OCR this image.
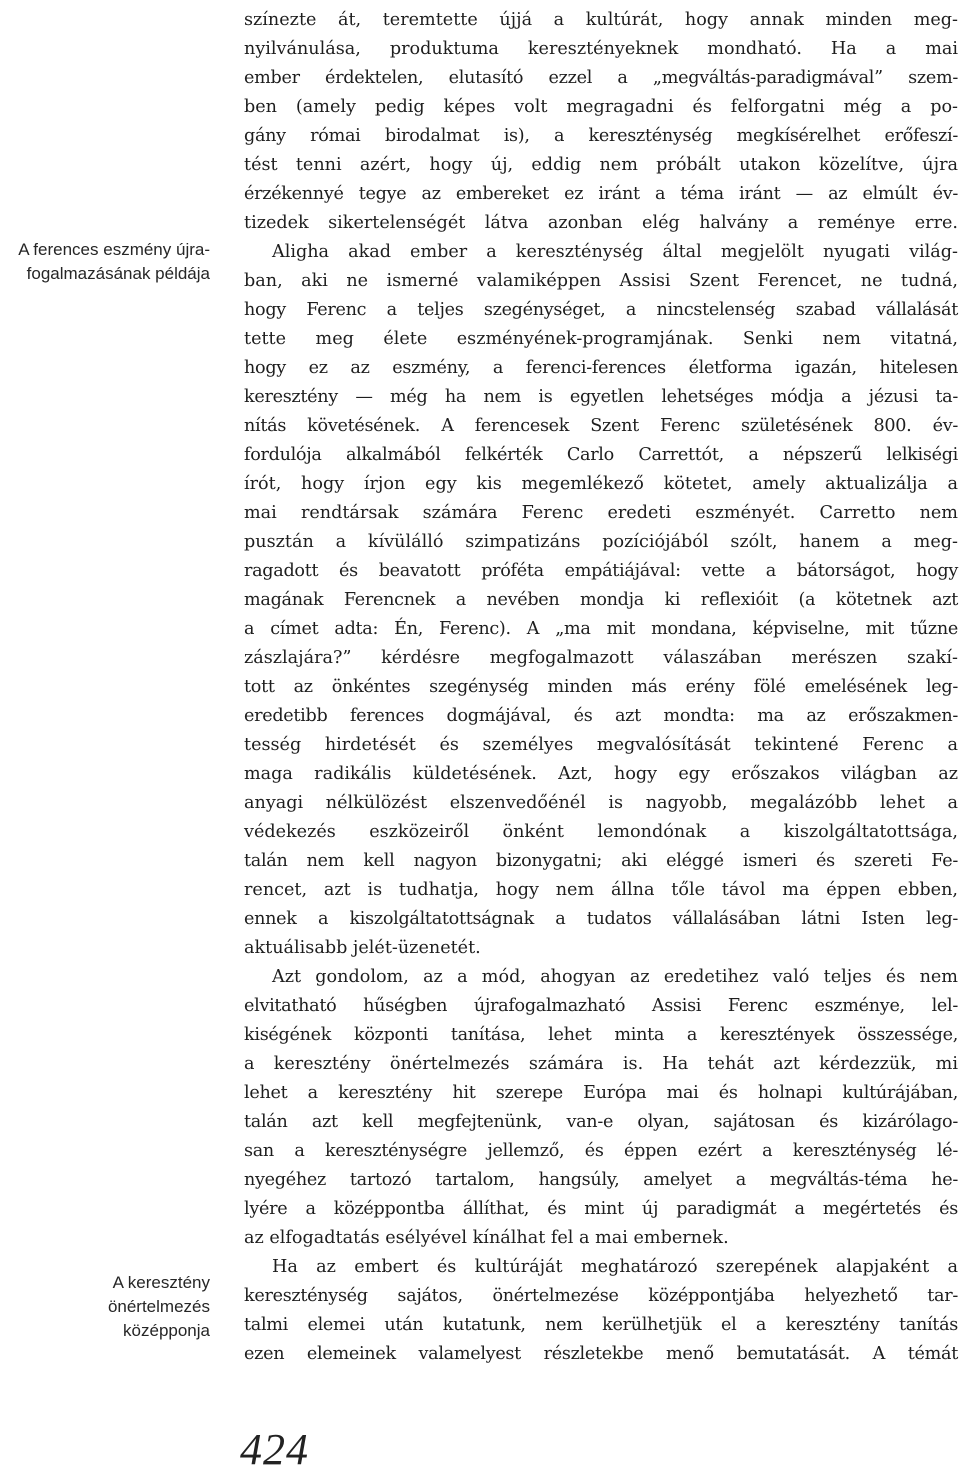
A ferences eszmény újra-
fogalmazásának példája
A keresztény
önértelmezés
középponja
színezte át, teremtette újjá a kultúrát, hogy annak minden meg-
nyilvánulása, produktuma keresztényeknek mondható. Ha a mai
ember érdektelen, elutasító ezzel a „megváltás-paradigmával” szem-
ben (amely pedig képes volt megragadni és felforgatni még a po-
gány római birodalmat is), a kereszténység megkísérelhet erőfeszí-
tést tenni azért, hogy új, eddig nem próbált utakon közelítve, újra
érzékennyé tegye az embereket ez iránt a téma iránt — az elmúlt év-
tizedek sikertelenségét látva azonban elég halvány a reménye erre.
Aligha akad ember a kereszténység által megjelölt nyugati világ-
ban, aki ne ismerné valamiképpen Assisi Szent Ferencet, ne tudná,
hogy Ferenc a teljes szegénységet, a nincstelenség szabad vállalását
tette meg élete eszményének-programjának. Senki nem vitatná,
hogy ez az eszmény, a ferenci-ferences életforma igazán, hitelesen
keresztény — még ha nem is egyetlen lehetséges módja a jézusi ta-
nítás követésének. A ferencesek Szent Ferenc születésének 800. év-
fordulója alkalmából felkérték Carlo Carrettót, a népszerű lelkiségi
írót, hogy írjon egy kis megemlékező kötetet, amely aktualizálja a
mai rendtársak számára Ferenc eredeti eszményét. Carretto nem
pusztán a kívülálló szimpatizáns pozíciójából szólt, hanem a meg-
ragadott és beavatott próféta empátiájával: vette a bátorságot, hogy
magának Ferencnek a nevében mondja ki reflexióit (a kötetnek azt
a címet adta: Én, Ferenc). A „ma mit mondana, képviselne, mit tűzne
zászlajára?” kérdésre megfogalmazott válaszában merészen szakí-
tott az önkéntes szegénység minden más erény fölé emelésének leg-
eredetibb ferences dogmájával, és azt mondta: ma az erőszakmen-
tesség hirdetését és személyes megvalósítását tekintené Ferenc a
maga radikális küldetésének. Azt, hogy egy erőszakos világban az
anyagi nélkülözést elszenvedőénél is nagyobb, megalázóbb lehet a
védekezés eszközeiről önként lemondónak a kiszolgáltatottsága,
talán nem kell nagyon bizonygatni; aki eléggé ismeri és szereti Fe-
rencet, azt is tudhatja, hogy nem állna tőle távol ma éppen ebben,
ennek a kiszolgáltatottságnak a tudatos vállalásában látni Isten leg-
aktuálisabb jelét-üzenetét.
Azt gondolom, az a mód, ahogyan az eredetihez való teljes és nem
elvitatható hűségben újrafogalmazható Assisi Ferenc eszménye, lel-
kiségének központi tanítása, lehet minta a keresztények összessége,
a keresztény önértelmezés számára is. Ha tehát azt kérdezzük, mi
lehet a keresztény hit szerepe Európa mai és holnapi kultúrájában,
talán azt kell megfejtenünk, van-e olyan, sajátosan és kizárólago-
san a kereszténységre jellemző, és éppen ezért a kereszténység lé-
nyegéhez tartozó tartalom, hangsúly, amelyet a megváltás-téma he-
lyére a középpontba állíthat, és mint új paradigmát a megértetés és
az elfogadtatás esélyével kínálhat fel a mai embernek.
Ha az embert és kultúráját meghatározó szerepének alapjaként a
kereszténység sajátos, önértelmezése középpontjába helyezhető tar-
talmi elemei után kutatunk, nem kerülhetjük el a keresztény tanítás
ezen elemeinek valamelyest részletekbe menő bemutatását. A témát
424
